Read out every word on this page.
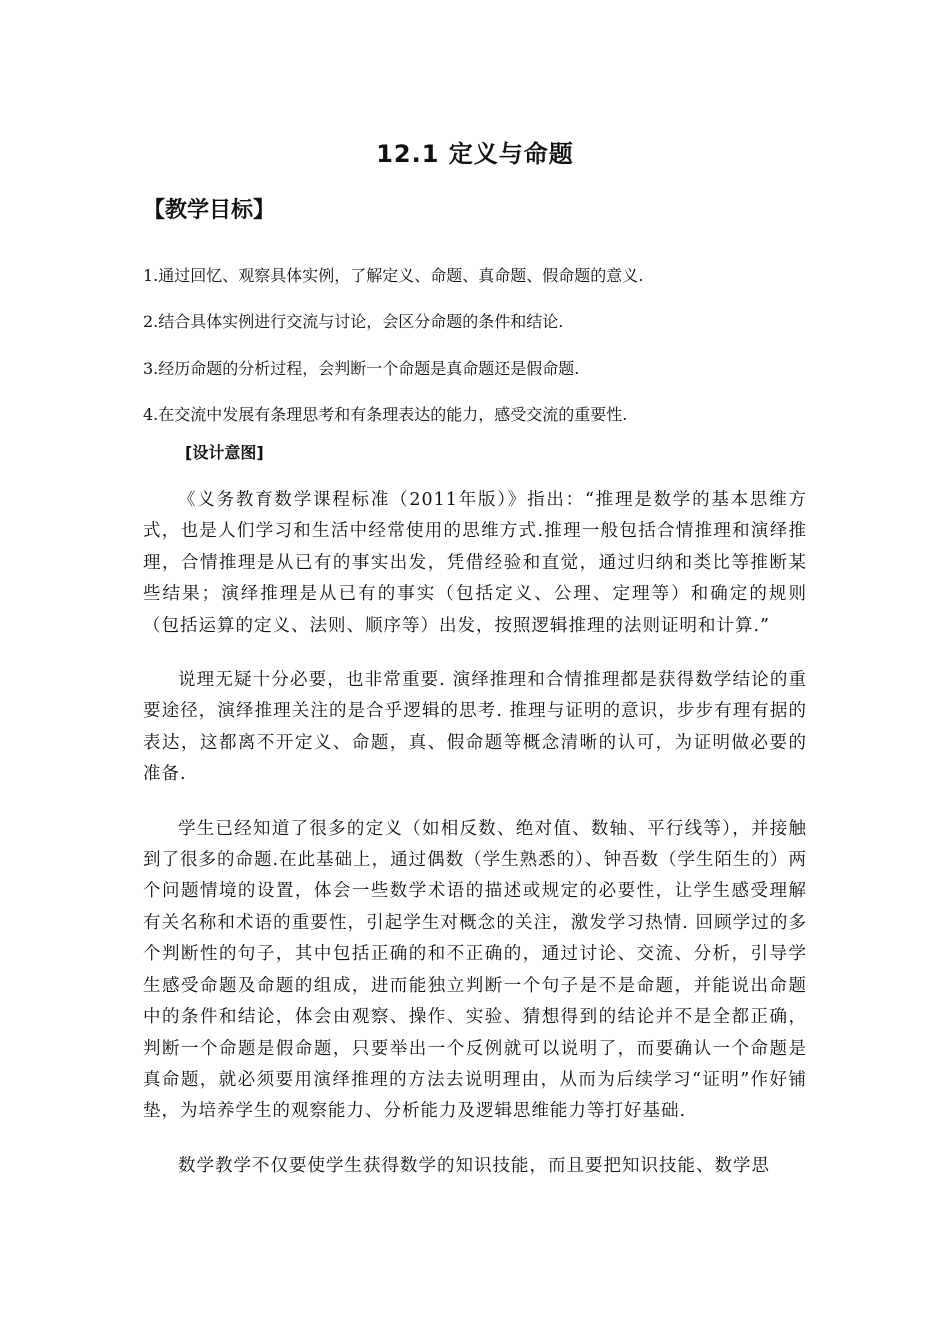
12.1 定义与命题
【教学目标】
1.通过回忆、观察具体实例，了解定义、命题、真命题、假命题的意义.
2.结合具体实例进行交流与讨论，会区分命题的条件和结论.
3.经历命题的分析过程，会判断一个命题是真命题还是假命题.
4.在交流中发展有条理思考和有条理表达的能力，感受交流的重要性.
[设计意图]

《义务教育数学课程标准（2011年版）》指出：“推理是数学的基本思维方式，也是人们学习和生活中经常使用的思维方式.推理一般包括合情推理和演绎推理，合情推理是从已有的事实出发，凭借经验和直觉，通过归纳和类比等推断某些结果；演绎推理是从已有的事实（包括定义、公理、定理等）和确定的规则（包括运算的定义、法则、顺序等）出发，按照逻辑推理的法则证明和计算.”

说理无疑十分必要，也非常重要. 演绎推理和合情推理都是获得数学结论的重要途径，演绎推理关注的是合乎逻辑的思考. 推理与证明的意识，步步有理有据的表达，这都离不开定义、命题，真、假命题等概念清晰的认可，为证明做必要的准备.

学生已经知道了很多的定义（如相反数、绝对值、数轴、平行线等），并接触到了很多的命题.在此基础上，通过偶数（学生熟悉的）、钟吾数（学生陌生的）两个问题情境的设置，体会一些数学术语的描述或规定的必要性，让学生感受理解有关名称和术语的重要性，引起学生对概念的关注，激发学习热情. 回顾学过的多个判断性的句子，其中包括正确的和不正确的，通过讨论、交流、分析，引导学生感受命题及命题的组成，进而能独立判断一个句子是不是命题，并能说出命题中的条件和结论，体会由观察、操作、实验、猜想得到的结论并不是全都正确，判断一个命题是假命题，只要举出一个反例就可以说明了，而要确认一个命题是真命题，就必须要用演绎推理的方法去说明理由，从而为后续学习“证明”作好铺垫，为培养学生的观察能力、分析能力及逻辑思维能力等打好基础.

数学教学不仅要使学生获得数学的知识技能，而且要把知识技能、数学思
